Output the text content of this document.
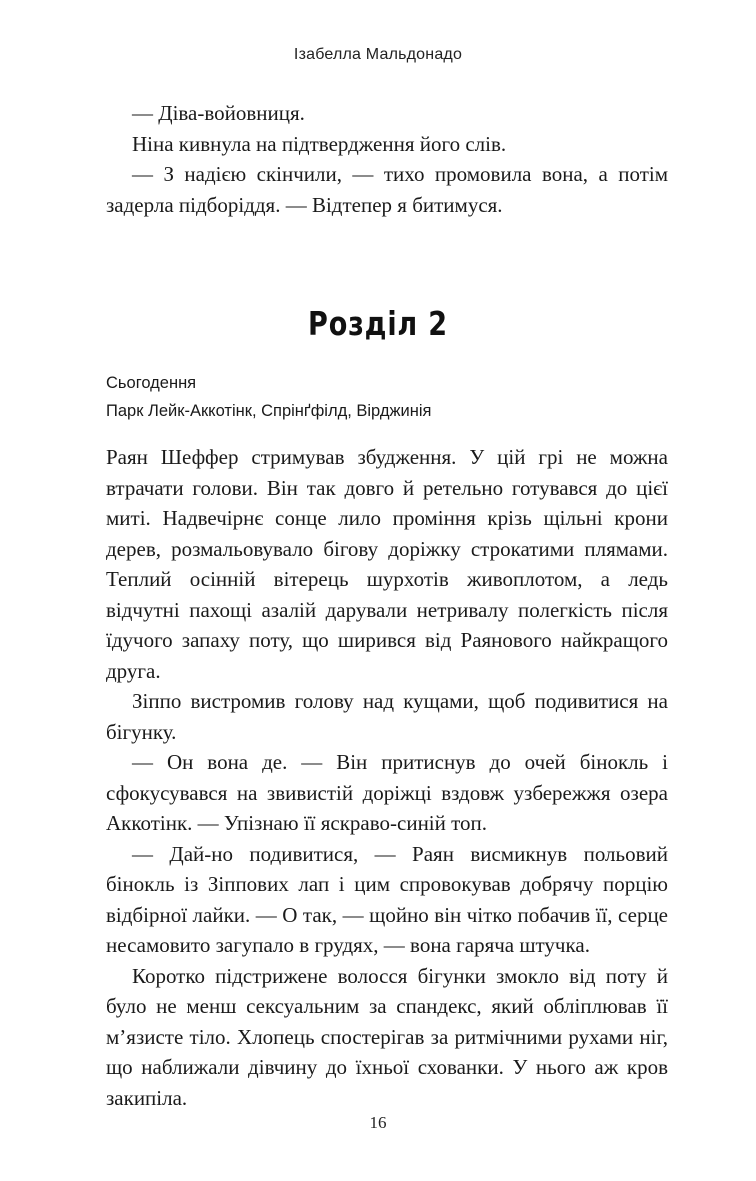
Ізабелла Мальдонадо

— Діва-войовниця.

Ніна кивнула на підтвердження його слів.

— З надією скінчили, — тихо промовила вона, а потім задерла підборіддя. — Відтепер я битимуся.

Розділ 2
Сьогодення
Парк Лейк-Аккотінк, Спрінґфілд, Вірджинія

Раян Шеффер стримував збудження. У цій грі не можна втрачати голови. Він так довго й ретельно готувався до цієї миті. Надвечірнє сонце лило проміння крізь щільні крони дерев, розмальовувало бігову доріжку строкатими плямами. Теплий осінній вітерець шурхотів живоплотом, а ледь відчутні пахощі азалій дарували нетривалу полегкість після їдучого запаху поту, що ширився від Раянового найкращого друга.

Зіппо вистромив голову над кущами, щоб подивитися на бігунку.

— Он вона де. — Він притиснув до очей бінокль і сфокусувався на звивистій доріжці вздовж узбережжя озера Аккотінк. — Упізнаю її яскраво-синій топ.

— Дай-но подивитися, — Раян висмикнув польовий бінокль із Зіппових лап і цим спровокував добрячу порцію відбірної лайки. — О так, — щойно він чітко побачив її, серце несамовито загупало в грудях, — вона гаряча штучка.

Коротко підстрижене волосся бігунки змокло від поту й було не менш сексуальним за спандекс, який обліплював її м’язисте тіло. Хлопець спостерігав за ритмічними рухами ніг, що наближали дівчину до їхньої схованки. У нього аж кров закипіла.

16
